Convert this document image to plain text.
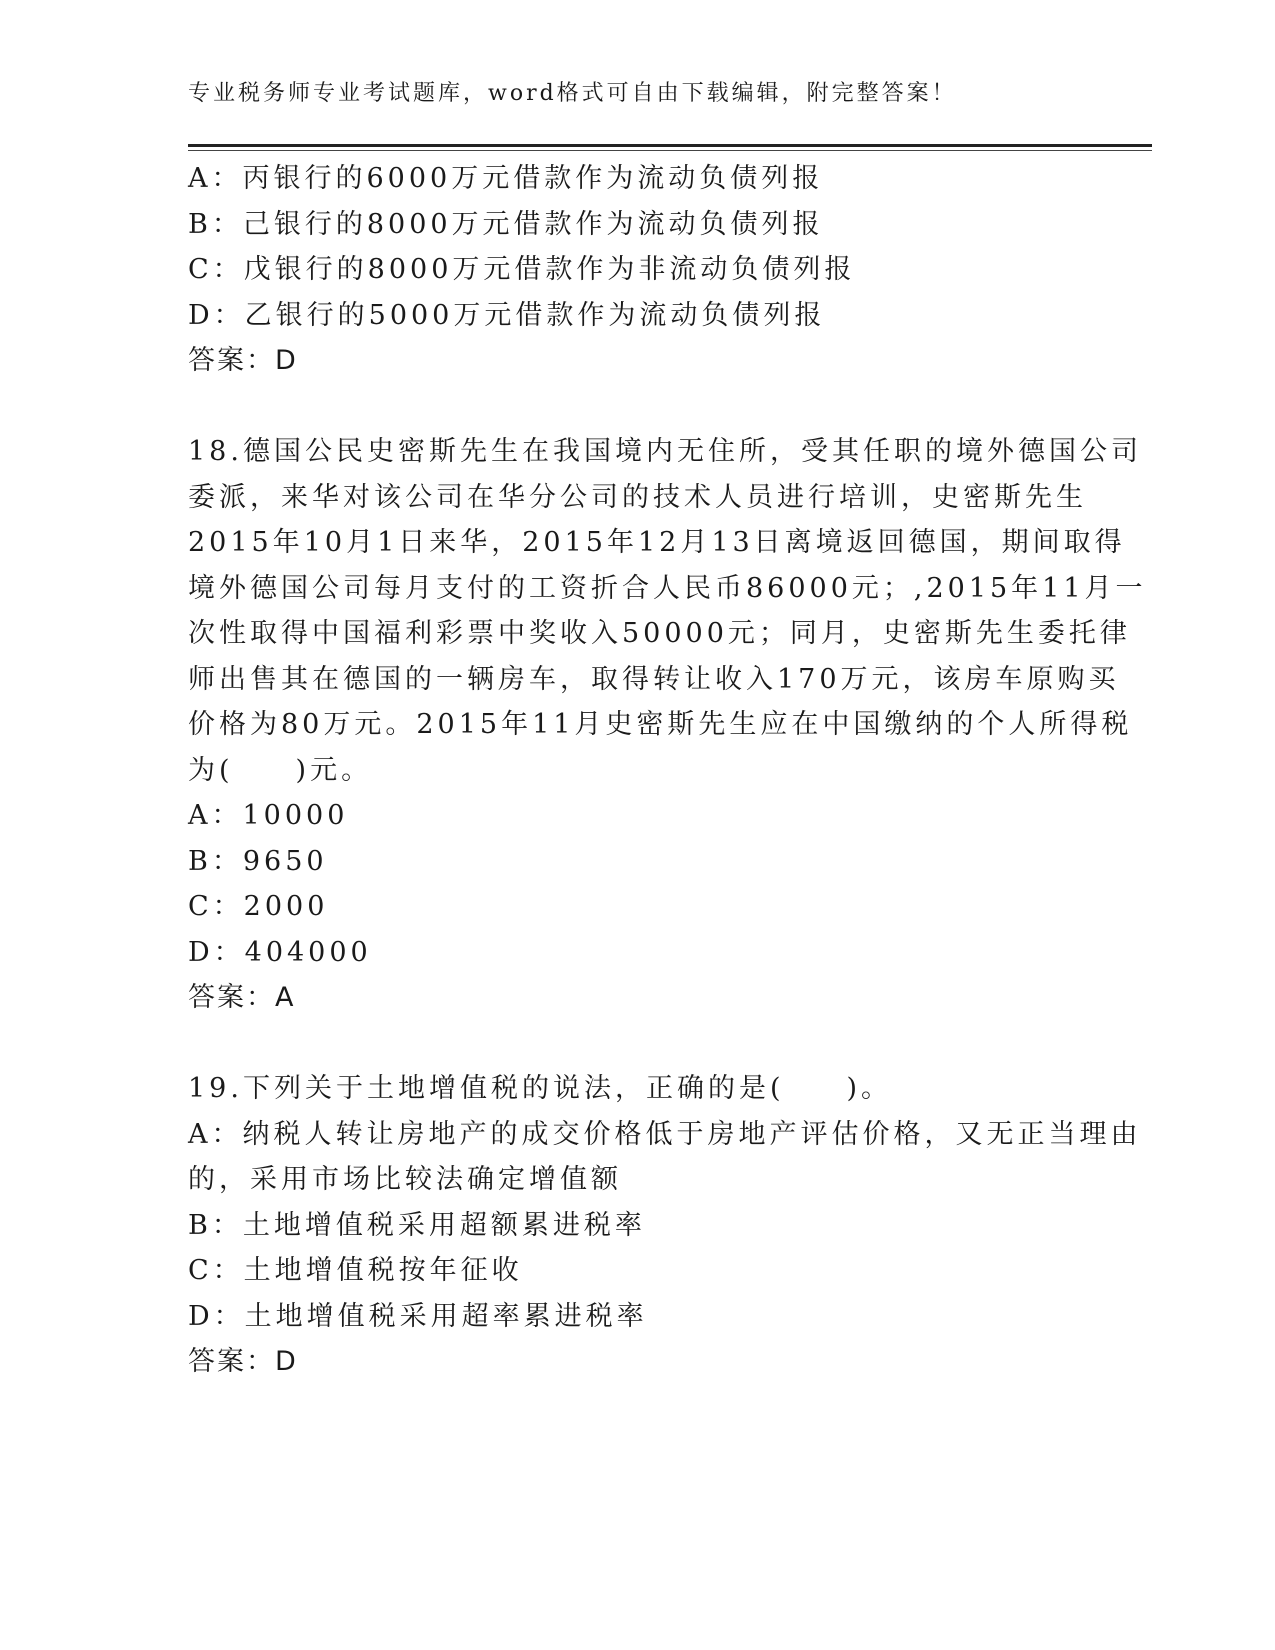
专业税务师专业考试题库，word格式可自由下载编辑，附完整答案！

A：丙银行的6000万元借款作为流动负债列报

B：己银行的8000万元借款作为流动负债列报

C：戊银行的8000万元借款作为非流动负债列报

D：乙银行的5000万元借款作为流动负债列报

答案：D

18.德国公民史密斯先生在我国境内无住所，受其任职的境外德国公司

委派，来华对该公司在华分公司的技术人员进行培训，史密斯先生

2015年10月1日来华，2015年12月13日离境返回德国，期间取得

境外德国公司每月支付的工资折合人民币86000元；,2015年11月一

次性取得中国福利彩票中奖收入50000元；同月，史密斯先生委托律

师出售其在德国的一辆房车，取得转让收入170万元，该房车原购买

价格为80万元。2015年11月史密斯先生应在中国缴纳的个人所得税

为(　　)元。

A：10000

B：9650

C：2000

D：404000

答案：A

19.下列关于土地增值税的说法，正确的是(　　)。

A：纳税人转让房地产的成交价格低于房地产评估价格，又无正当理由

的，采用市场比较法确定增值额

B：土地增值税采用超额累进税率

C：土地增值税按年征收

D：土地增值税采用超率累进税率

答案：D
